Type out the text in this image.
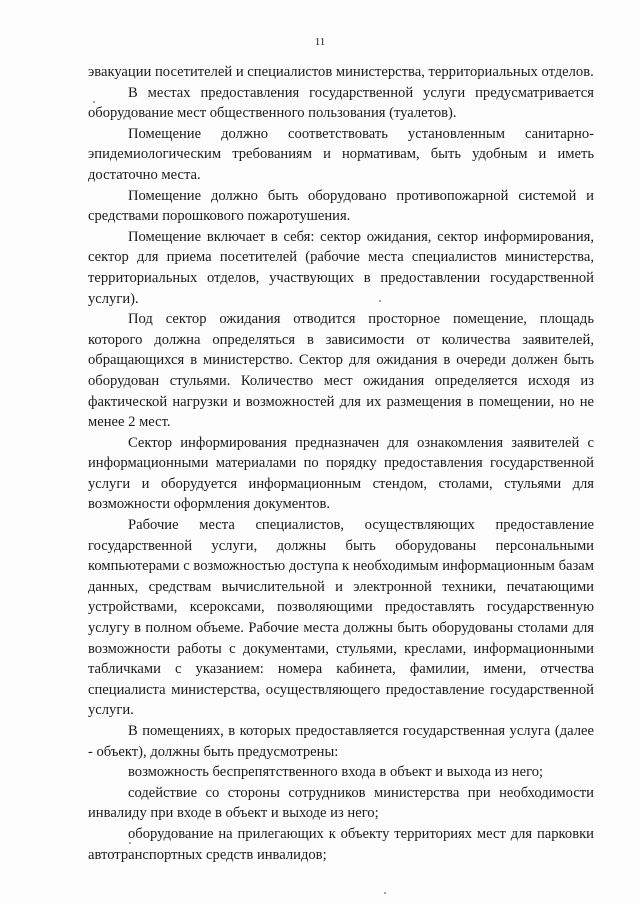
11

эвакуации посетителей и специалистов министерства, территориальных отделов.

В местах предоставления государственной услуги предусматривается оборудование мест общественного пользования (туалетов).

Помещение должно соответствовать установленным санитарно-эпидемиологическим требованиям и нормативам, быть удобным и иметь достаточно места.

Помещение должно быть оборудовано противопожарной системой и средствами порошкового пожаротушения.

Помещение включает в себя: сектор ожидания, сектор информирования, сектор для приема посетителей (рабочие места специалистов министерства, территориальных отделов, участвующих в предоставлении государственной услуги).

Под сектор ожидания отводится просторное помещение, площадь которого должна определяться в зависимости от количества заявителей, обращающихся в министерство. Сектор для ожидания в очереди должен быть оборудован стульями. Количество мест ожидания определяется исходя из фактической нагрузки и возможностей для их размещения в помещении, но не менее 2 мест.

Сектор информирования предназначен для ознакомления заявителей с информационными материалами по порядку предоставления государственной услуги и оборудуется информационным стендом, столами, стульями для возможности оформления документов.

Рабочие места специалистов, осуществляющих предоставление государственной услуги, должны быть оборудованы персональными компьютерами с возможностью доступа к необходимым информационным базам данных, средствам вычислительной и электронной техники, печатающими устройствами, ксероксами, позволяющими предоставлять государственную услугу в полном объеме. Рабочие места должны быть оборудованы столами для возможности работы с документами, стульями, креслами, информационными табличками с указанием: номера кабинета, фамилии, имени, отчества специалиста министерства, осуществляющего предоставление государственной услуги.

В помещениях, в которых предоставляется государственная услуга (далее - объект), должны быть предусмотрены:

возможность беспрепятственного входа в объект и выхода из него;

содействие со стороны сотрудников министерства при необходимости инвалиду при входе в объект и выходе из него;

оборудование на прилегающих к объекту территориях мест для парковки автотранспортных средств инвалидов;
